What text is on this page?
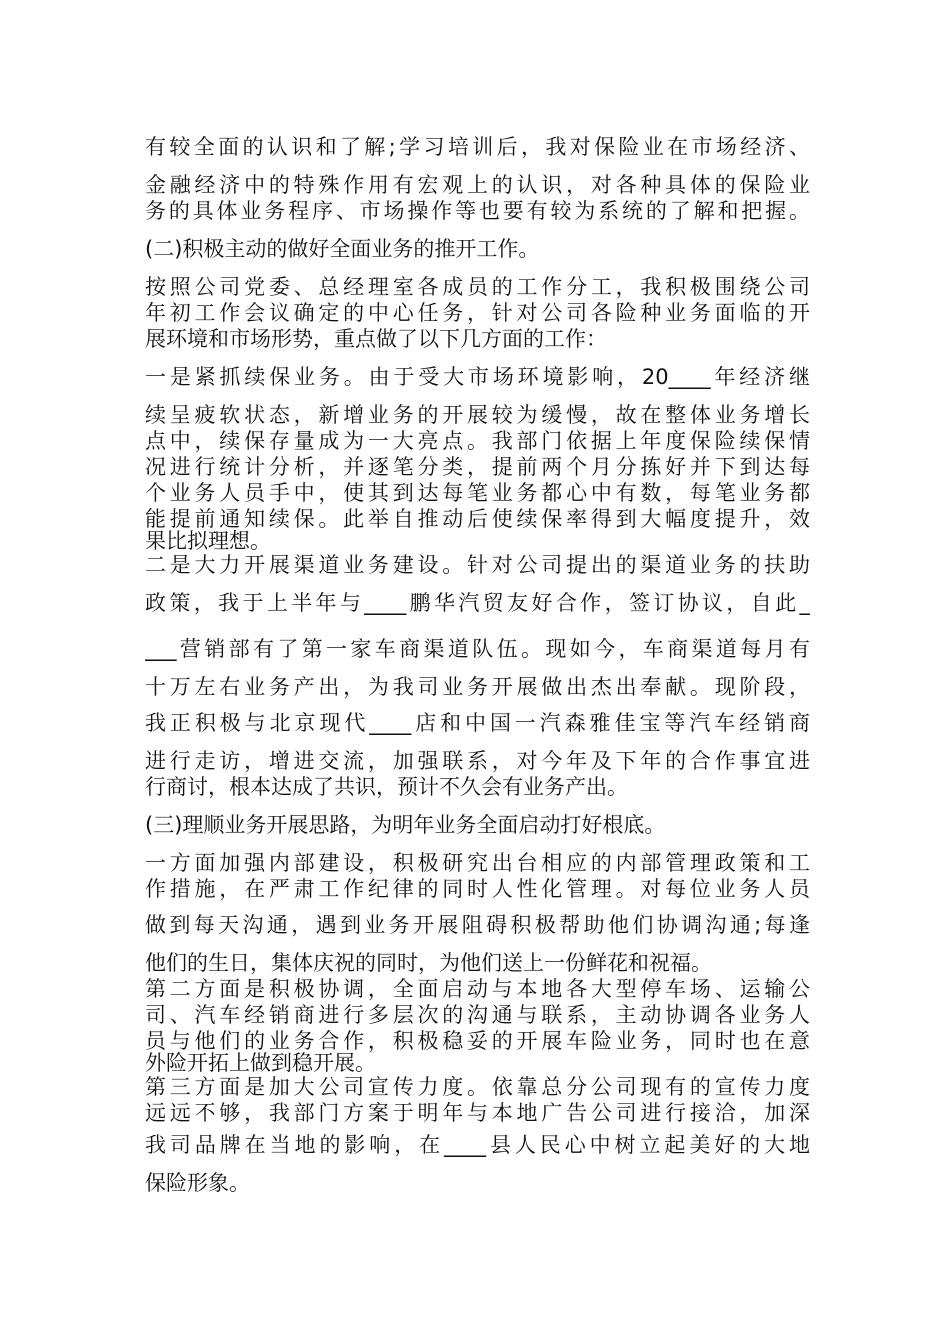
有较全面的认识和了解;学习培训后，我对保险业在市场经济、
金融经济中的特殊作用有宏观上的认识，对各种具体的保险业
务的具体业务程序、市场操作等也要有较为系统的了解和把握。
(二)积极主动的做好全面业务的推开工作。
按照公司党委、总经理室各成员的工作分工，我积极围绕公司
年初工作会议确定的中心任务，针对公司各险种业务面临的开
展环境和市场形势，重点做了以下几方面的工作：
一是紧抓续保业务。由于受大市场环境影响，20____年经济继
续呈疲软状态，新增业务的开展较为缓慢，故在整体业务增长
点中，续保存量成为一大亮点。我部门依据上年度保险续保情
况进行统计分析，并逐笔分类，提前两个月分拣好并下到达每
个业务人员手中，使其到达每笔业务都心中有数，每笔业务都
能提前通知续保。此举自推动后使续保率得到大幅度提升，效
果比拟理想。
二是大力开展渠道业务建设。针对公司提出的渠道业务的扶助
政策，我于上半年与____鹏华汽贸友好合作，签订协议，自此_
___营销部有了第一家车商渠道队伍。现如今，车商渠道每月有
十万左右业务产出，为我司业务开展做出杰出奉献。现阶段，
我正积极与北京现代____店和中国一汽森雅佳宝等汽车经销商
进行走访，增进交流，加强联系，对今年及下年的合作事宜进
行商讨，根本达成了共识，预计不久会有业务产出。
(三)理顺业务开展思路，为明年业务全面启动打好根底。
一方面加强内部建设，积极研究出台相应的内部管理政策和工
作措施，在严肃工作纪律的同时人性化管理。对每位业务人员
做到每天沟通，遇到业务开展阻碍积极帮助他们协调沟通;每逢
他们的生日，集体庆祝的同时，为他们送上一份鲜花和祝福。
第二方面是积极协调，全面启动与本地各大型停车场、运输公
司、汽车经销商进行多层次的沟通与联系，主动协调各业务人
员与他们的业务合作，积极稳妥的开展车险业务，同时也在意
外险开拓上做到稳开展。
第三方面是加大公司宣传力度。依靠总分公司现有的宣传力度
远远不够，我部门方案于明年与本地广告公司进行接洽，加深
我司品牌在当地的影响，在____县人民心中树立起美好的大地
保险形象。
